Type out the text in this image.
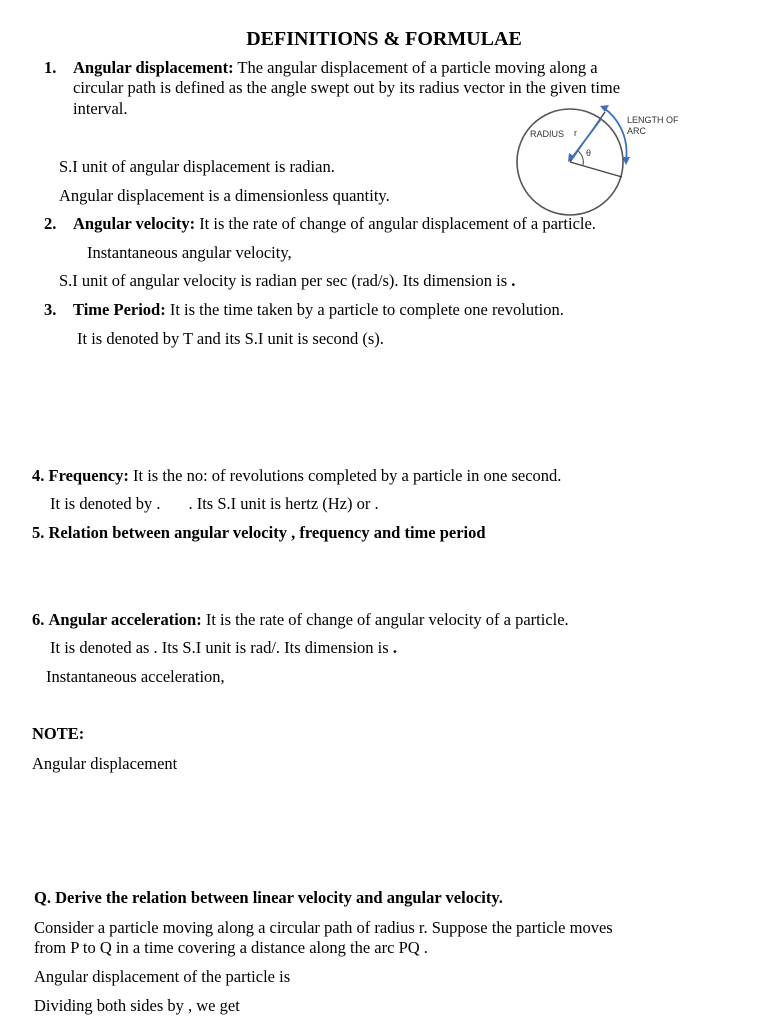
DEFINITIONS & FORMULAE
1. Angular displacement: The angular displacement of a particle moving along a
circular path is defined as the angle swept out by its radius vector in the given time
interval.
θ
RADIUS r
LENGTH OF
ARC
S.I unit of angular displacement is radian.
Angular displacement is a dimensionless quantity.
2. Angular velocity: It is the rate of change of angular displacement of a particle.
Instantaneous angular velocity,
S.I unit of angular velocity is radian per sec (rad/s). Its dimension is .
3. Time Period: It is the time taken by a particle to complete one revolution.
It is denoted by T and its S.I unit is second (s).
4. Frequency: It is the no: of revolutions completed by a particle in one second.
It is denoted by . . Its S.I unit is hertz (Hz) or .
5. Relation between angular velocity , frequency and time period
6. Angular acceleration: It is the rate of change of angular velocity of a particle.
It is denoted as . Its S.I unit is rad/. Its dimension is .
Instantaneous acceleration,
NOTE:
Angular displacement
Q. Derive the relation between linear velocity and angular velocity.
Consider a particle moving along a circular path of radius r. Suppose the particle moves
from P to Q in a time covering a distance along the arc PQ .
Angular displacement of the particle is
Dividing both sides by , we get
